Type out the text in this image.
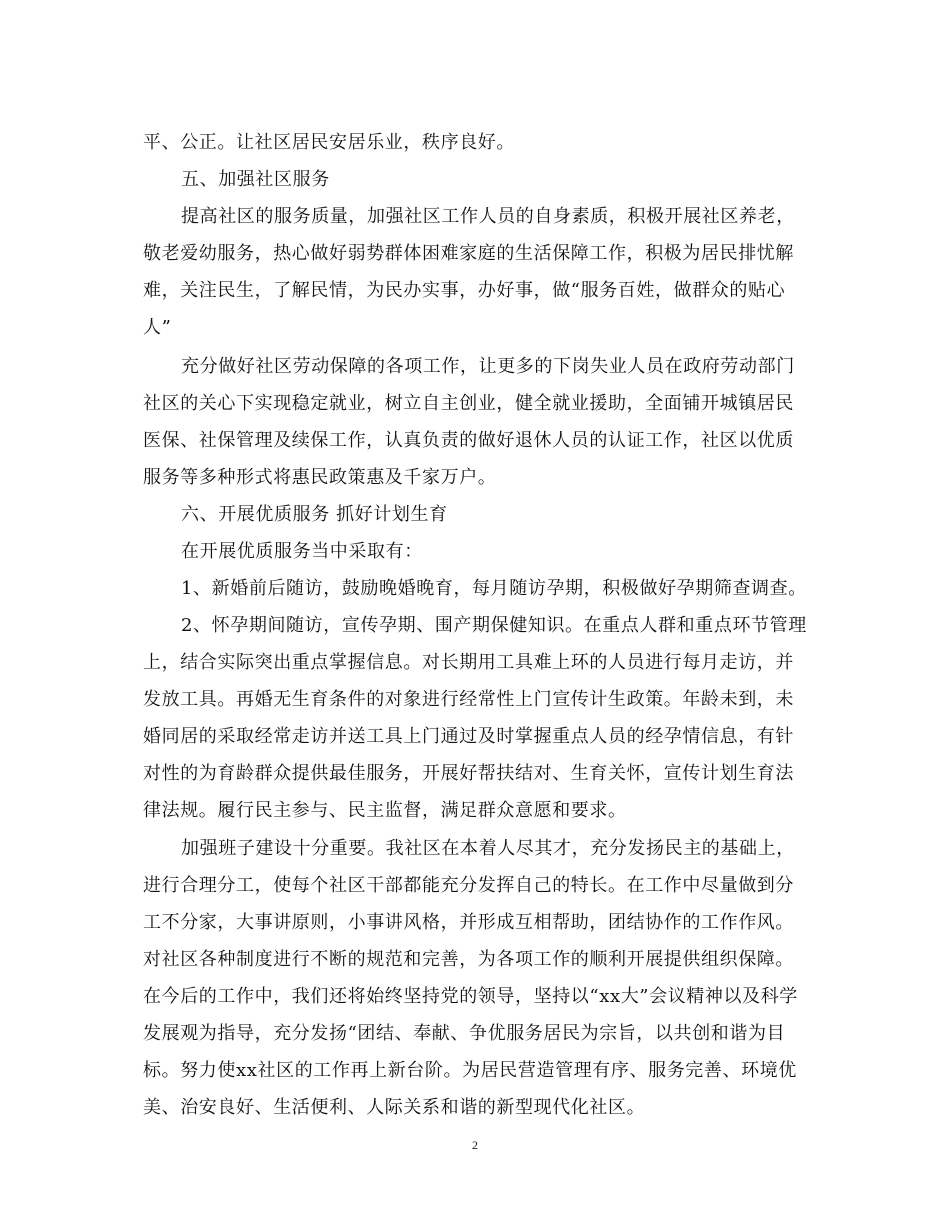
平、公正。让社区居民安居乐业，秩序良好。
五、加强社区服务
提高社区的服务质量，加强社区工作人员的自身素质，积极开展社区养老，
敬老爱幼服务，热心做好弱势群体困难家庭的生活保障工作，积极为居民排忧解
难，关注民生，了解民情，为民办实事，办好事，做“服务百姓，做群众的贴心
人”
充分做好社区劳动保障的各项工作，让更多的下岗失业人员在政府劳动部门
社区的关心下实现稳定就业，树立自主创业，健全就业援助，全面铺开城镇居民
医保、社保管理及续保工作，认真负责的做好退休人员的认证工作，社区以优质
服务等多种形式将惠民政策惠及千家万户。
六、开展优质服务 抓好计划生育
在开展优质服务当中采取有：
1、新婚前后随访，鼓励晚婚晚育，每月随访孕期，积极做好孕期筛查调查。
2、怀孕期间随访，宣传孕期、围产期保健知识。在重点人群和重点环节管理
上，结合实际突出重点掌握信息。对长期用工具难上环的人员进行每月走访，并
发放工具。再婚无生育条件的对象进行经常性上门宣传计生政策。年龄未到，未
婚同居的采取经常走访并送工具上门通过及时掌握重点人员的经孕情信息，有针
对性的为育龄群众提供最佳服务，开展好帮扶结对、生育关怀，宣传计划生育法
律法规。履行民主参与、民主监督，满足群众意愿和要求。
加强班子建设十分重要。我社区在本着人尽其才，充分发扬民主的基础上，
进行合理分工，使每个社区干部都能充分发挥自己的特长。在工作中尽量做到分
工不分家，大事讲原则，小事讲风格，并形成互相帮助，团结协作的工作作风。
对社区各种制度进行不断的规范和完善，为各项工作的顺利开展提供组织保障。
在今后的工作中，我们还将始终坚持党的领导，坚持以“xx大”会议精神以及科学
发展观为指导，充分发扬“团结、奉献、争优服务居民为宗旨，以共创和谐为目
标。努力使xx社区的工作再上新台阶。为居民营造管理有序、服务完善、环境优
美、治安良好、生活便利、人际关系和谐的新型现代化社区。
2
